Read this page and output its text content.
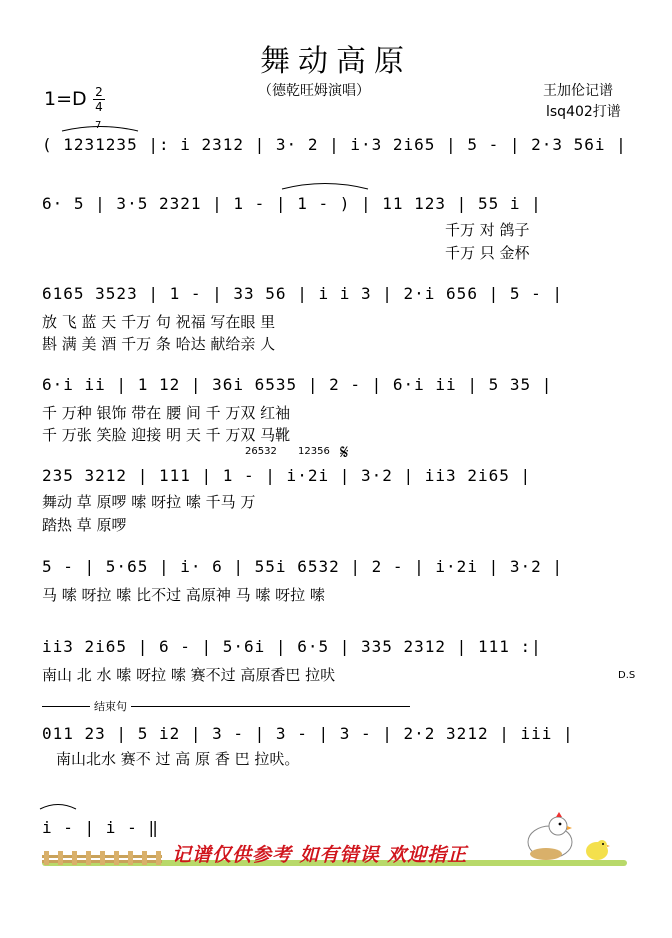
舞动高原
（德乾旺姆演唱）
1=D 2
4
王加伦记谱
lsq402打谱
7
( 1231235 |: i 2312 | 3· 2 | i·3 2i65 | 5 - | 2·3 56i |
6· 5 | 3·5 2321 | 1 - | 1 - ) | 11 123 | 55 i |
千万 对 鸽子
千万 只 金杯
6165 3523 | 1 - | 33 56 | i i 3 | 2·i 656 | 5 - |
放 飞 蓝 天 千万 句 祝福 写在眼 里
斟 满 美 酒 千万 条 哈达 献给亲 人
6·i ii | 1 12 | 36i 6535 | 2 - | 6·i ii | 5 35 |
千 万种 银饰 带在 腰 间 千 万双 红袖
千 万张 笑脸 迎接 明 天 千 万双 马靴
26532 12356 𝄋
235 3212 | 111 | 1 - | i·2i | 3·2 | ii3 2i65 |
舞动 草 原啰 嗦 呀拉 嗦 千马 万
踏热 草 原啰
5 - | 5·65 | i· 6 | 55i 6532 | 2 - | i·2i | 3·2 |
马 嗦 呀拉 嗦 比不过 高原神 马 嗦 呀拉 嗦
ii3 2i65 | 6 - | 5·6i | 6·5 | 335 2312 | 111 :|
南山 北 水 嗦 呀拉 嗦 赛不过 高原香巴 拉吠	D.S
结束句
011 23 | 5 i2 | 3 - | 3 - | 3 - | 2·2 3212 | iii |
南山北水 赛不 过 高 原 香 巴 拉吠。
i - | i - ‖
记谱仅供参考 如有错误 欢迎指正
